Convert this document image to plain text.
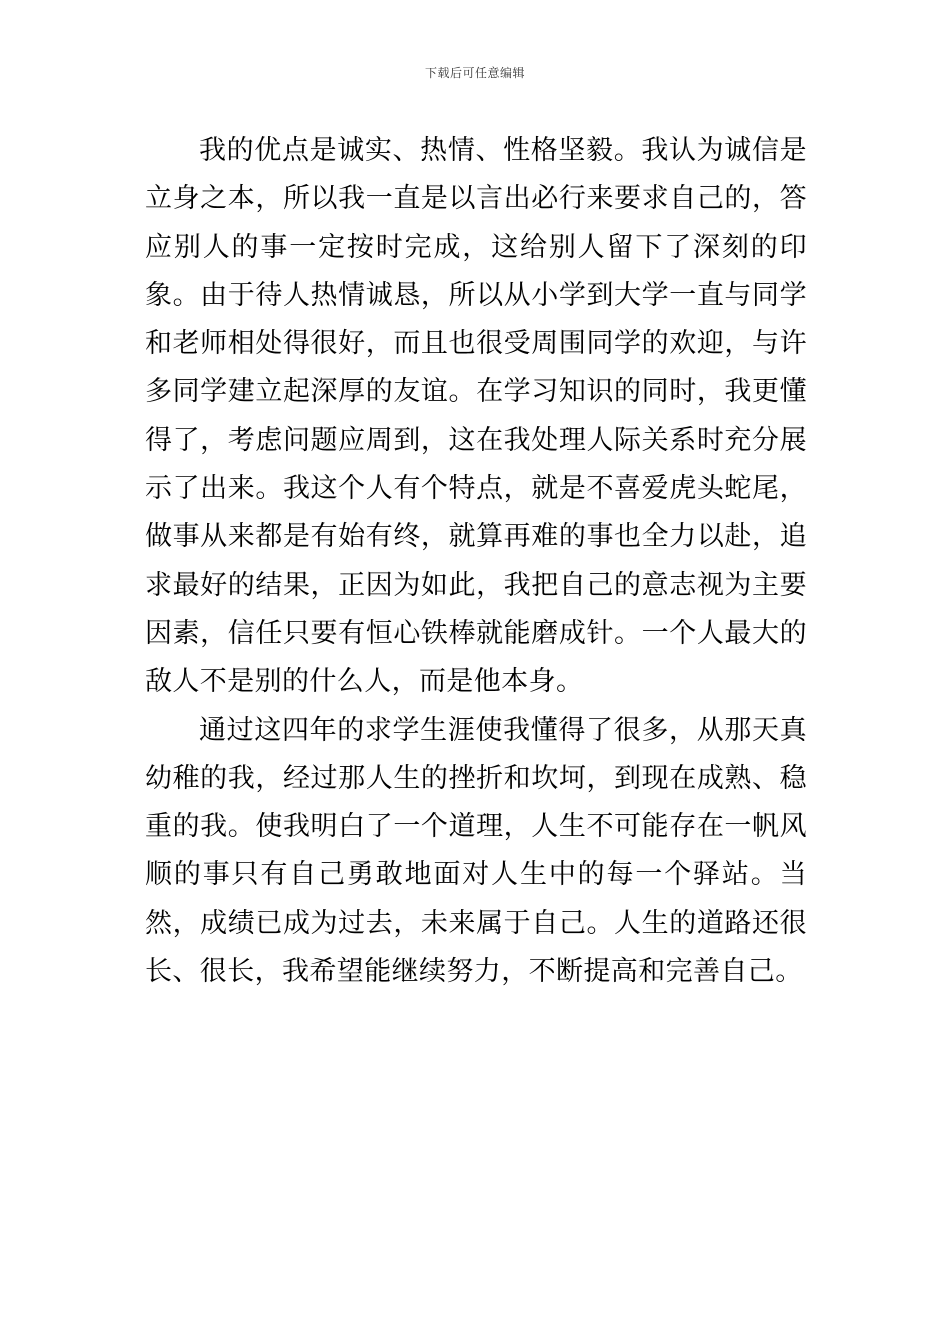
下载后可任意编辑

我的优点是诚实、热情、性格坚毅。我认为诚信是立身之本，所以我一直是以言出必行来要求自己的，答应别人的事一定按时完成，这给别人留下了深刻的印象。由于待人热情诚恳，所以从小学到大学一直与同学和老师相处得很好，而且也很受周围同学的欢迎，与许多同学建立起深厚的友谊。在学习知识的同时，我更懂得了，考虑问题应周到，这在我处理人际关系时充分展示了出来。我这个人有个特点，就是不喜爱虎头蛇尾，做事从来都是有始有终，就算再难的事也全力以赴，追求最好的结果，正因为如此，我把自己的意志视为主要因素，信任只要有恒心铁棒就能磨成针。一个人最大的敌人不是别的什么人，而是他本身。

通过这四年的求学生涯使我懂得了很多，从那天真幼稚的我，经过那人生的挫折和坎坷，到现在成熟、稳重的我。使我明白了一个道理，人生不可能存在一帆风顺的事只有自己勇敢地面对人生中的每一个驿站。当然，成绩已成为过去，未来属于自己。人生的道路还很长、很长，我希望能继续努力，不断提高和完善自己。
